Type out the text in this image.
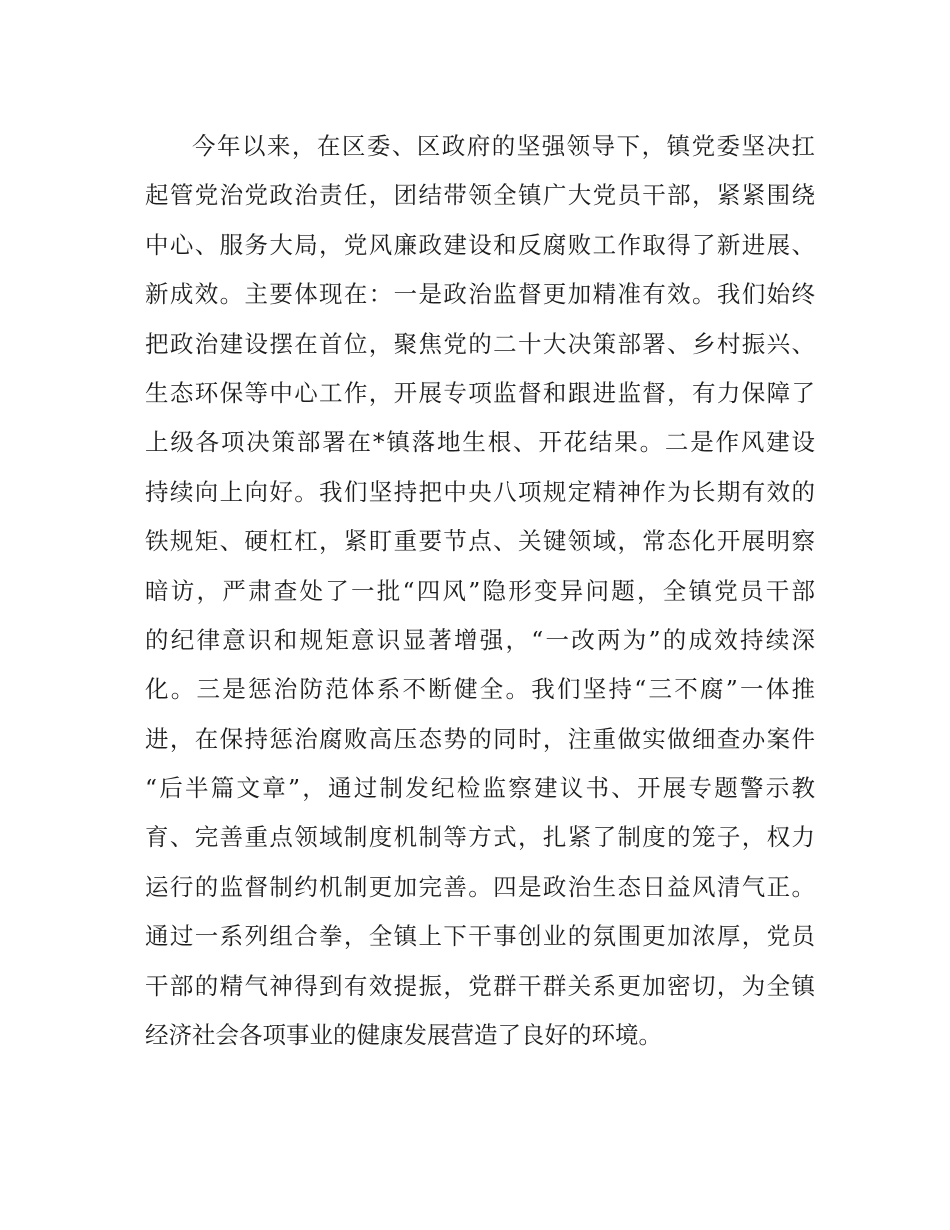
今年以来，在区委、区政府的坚强领导下，镇党委坚决扛
起管党治党政治责任，团结带领全镇广大党员干部，紧紧围绕
中心、服务大局，党风廉政建设和反腐败工作取得了新进展、
新成效。主要体现在：一是政治监督更加精准有效。我们始终
把政治建设摆在首位，聚焦党的二十大决策部署、乡村振兴、
生态环保等中心工作，开展专项监督和跟进监督，有力保障了
上级各项决策部署在*镇落地生根、开花结果。二是作风建设
持续向上向好。我们坚持把中央八项规定精神作为长期有效的
铁规矩、硬杠杠，紧盯重要节点、关键领域，常态化开展明察
暗访，严肃查处了一批“四风”隐形变异问题，全镇党员干部
的纪律意识和规矩意识显著增强，“一改两为”的成效持续深
化。三是惩治防范体系不断健全。我们坚持“三不腐”一体推
进，在保持惩治腐败高压态势的同时，注重做实做细查办案件
“后半篇文章”，通过制发纪检监察建议书、开展专题警示教
育、完善重点领域制度机制等方式，扎紧了制度的笼子，权力
运行的监督制约机制更加完善。四是政治生态日益风清气正。
通过一系列组合拳，全镇上下干事创业的氛围更加浓厚，党员
干部的精气神得到有效提振，党群干群关系更加密切，为全镇
经济社会各项事业的健康发展营造了良好的环境。
